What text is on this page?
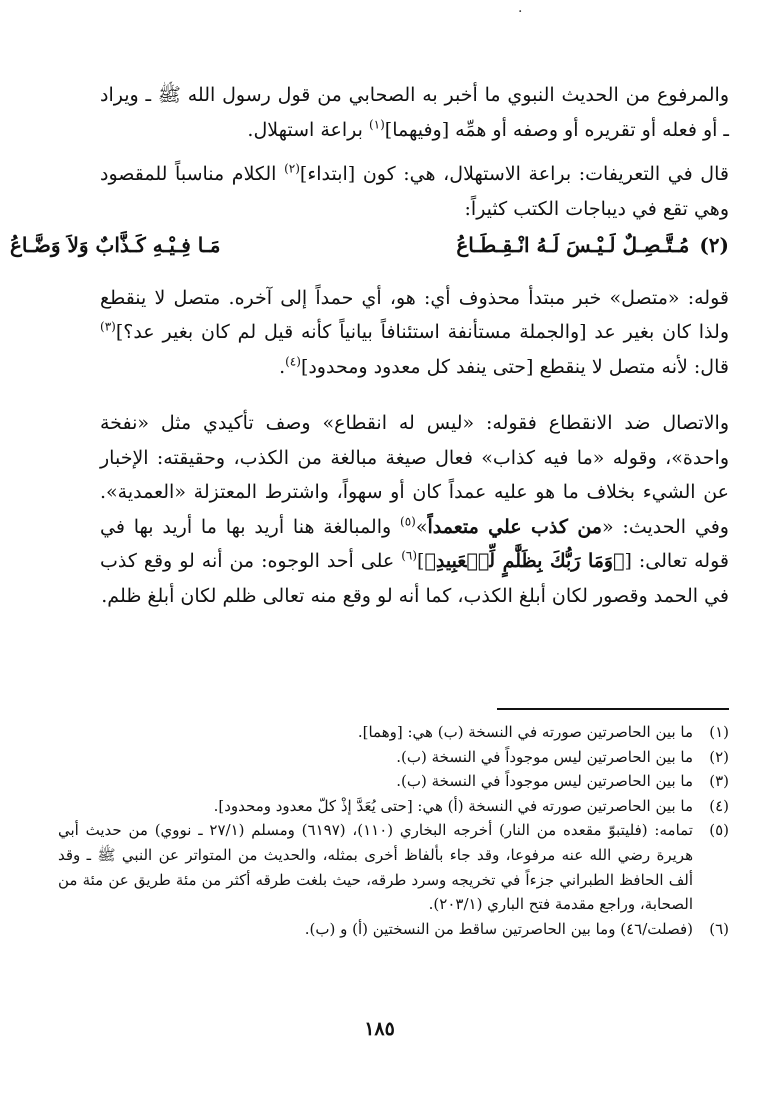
·

والمرفوع من الحديث النبوي ما أخبر به الصحابي من قول رسول الله ﷺ ـ ويراد ـ أو فعله أو تقريره أو وصفه أو همِّه [وفيهما]$^{(١)}$ براعة استهلال.

قال في التعريفات: براعة الاستهلال، هي: كون [ابتداء]$^{(٢)}$ الكلام مناسباً للمقصود وهي تقع في ديباجات الكتب كثيراً:

(٢)
مُـتَّـصِـلٌ لَـيْـسَ لَـهُ انْـقِـطَـاعُ
مَـا فِـيْـهِ كَـذَّابٌ وَلاَ وَضَّـاعُ

قوله: «متصل» خبر مبتدأ محذوف أي: هو، أي حمداً إلى آخره. متصل لا ينقطع ولذا كان بغير عد [والجملة مستأنفة استئنافاً بيانياً كأنه قيل لم كان بغير عد؟]$^{(٣)}$ قال: لأنه متصل لا ينقطع [حتى ينفد كل معدود ومحدود]$^{(٤)}$.

والاتصال ضد الانقطاع فقوله: «ليس له انقطاع» وصف تأكيدي مثل «نفخة واحدة»، وقوله «ما فيه كذاب» فعال صيغة مبالغة من الكذب، وحقيقته: الإخبار عن الشيء بخلاف ما هو عليه عمداً كان أو سهواً، واشترط المعتزلة «العمدية». وفي الحديث: «من كذب علي متعمداً»$^{(٥)}$ والمبالغة هنا أريد بها ما أريد بها في قوله تعالى: [﴿وَمَا رَبُّكَ بِظَلَّٰمٍ لِّلۡعَبِيدِ﴾]$^{(٦)}$ على أحد الوجوه: من أنه لو وقع كذب في الحمد وقصور لكان أبلغ الكذب، كما أنه لو وقع منه تعالى ظلم لكان أبلغ ظلم.

(١)
ما بين الحاصرتين صورته في النسخة (ب) هي: [وهما].
(٢)
ما بين الحاصرتين ليس موجوداً في النسخة (ب).
(٣)
ما بين الحاصرتين ليس موجوداً في النسخة (ب).
(٤)
ما بين الحاصرتين صورته في النسخة (أ) هي: [حتى يُعَدَّ إذْ كلّ معدود ومحدود].
(٥)
تمامه: (فليتبوّ مقعده من النار) أخرجه البخاري (١١٠)، (٦١٩٧) ومسلم (٢٧/١ ـ نووي) من حديث أبي هريرة رضي الله عنه مرفوعا، وقد جاء بألفاظ أخرى بمثله، والحديث من المتواتر عن النبي ﷺ ـ وقد ألف الحافظ الطبراني جزءاً في تخريجه وسرد طرقه، حيث بلغت طرقه أكثر من مئة طريق عن مئة من الصحابة، وراجع مقدمة فتح الباري (٢٠٣/١).
(٦)
(فصلت/٤٦) وما بين الحاصرتين ساقط من النسختين (أ) و (ب).
١٨٥
